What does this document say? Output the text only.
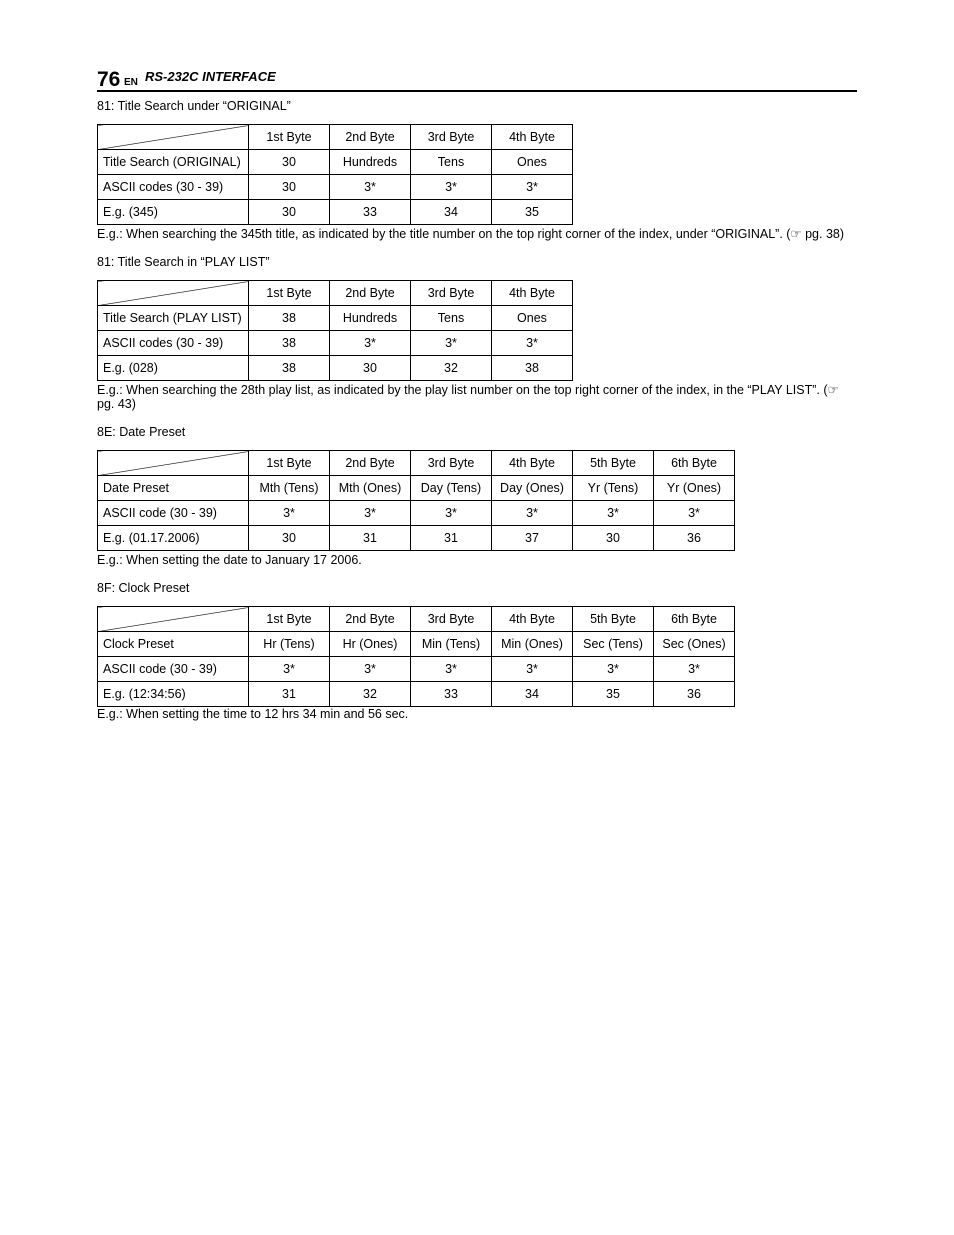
76 EN RS-232C INTERFACE
81: Title Search under “ORIGINAL”
	1st Byte	2nd Byte	3rd Byte	4th Byte
Title Search (ORIGINAL)	30	Hundreds	Tens	Ones
ASCII codes (30 - 39)	30	3*	3*	3*
E.g. (345)	30	33	34	35
E.g.: When searching the 345th title, as indicated by the title number on the top right corner of the index, under “ORIGINAL”. (☞ pg. 38)
81: Title Search in “PLAY LIST”
	1st Byte	2nd Byte	3rd Byte	4th Byte
Title Search (PLAY LIST)	38	Hundreds	Tens	Ones
ASCII codes (30 - 39)	38	3*	3*	3*
E.g. (028)	38	30	32	38
E.g.: When searching the 28th play list, as indicated by the play list number on the top right corner of the index, in the “PLAY LIST”. (☞ pg. 43)
8E: Date Preset
	1st Byte	2nd Byte	3rd Byte	4th Byte	5th Byte	6th Byte
Date Preset	Mth (Tens)	Mth (Ones)	Day (Tens)	Day (Ones)	Yr (Tens)	Yr (Ones)
ASCII code (30 - 39)	3*	3*	3*	3*	3*	3*
E.g. (01.17.2006)	30	31	31	37	30	36
E.g.: When setting the date to January 17 2006.
8F: Clock Preset
	1st Byte	2nd Byte	3rd Byte	4th Byte	5th Byte	6th Byte
Clock Preset	Hr (Tens)	Hr (Ones)	Min (Tens)	Min (Ones)	Sec (Tens)	Sec (Ones)
ASCII code (30 - 39)	3*	3*	3*	3*	3*	3*
E.g. (12:34:56)	31	32	33	34	35	36
E.g.: When setting the time to 12 hrs 34 min and 56 sec.
